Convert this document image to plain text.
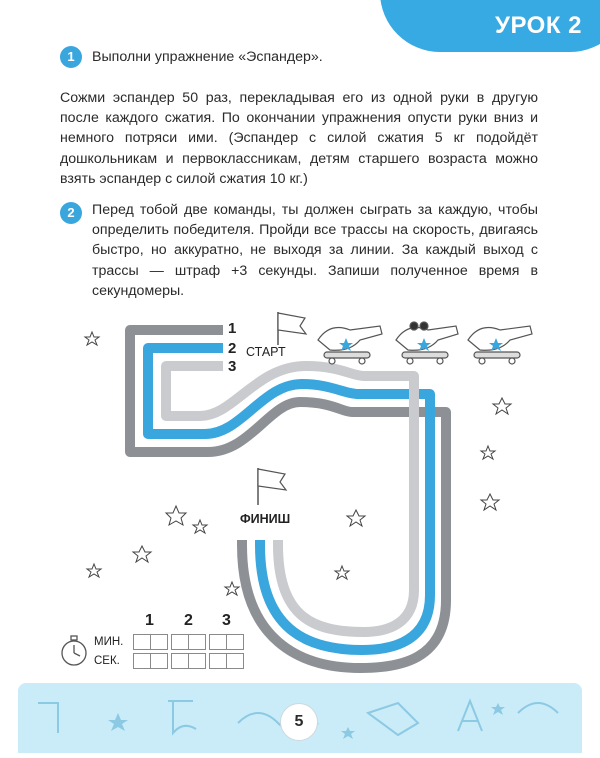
УРОК 2
1	Выполни упражнение «Эспандер».

Сожми эспандер 50 раз, перекладывая его из одной руки в другую после каждого сжатия. По окончании упражнения опусти руки вниз и немного потряси ими. (Эспандер с силой сжатия 5 кг подойдёт дошкольникам и первоклассникам, детям старшего возраста можно взять эспандер с силой сжатия 10 кг.)

2	Перед тобой две команды, ты должен сыграть за каждую, чтобы определить победителя. Пройди все трассы на скорость, двигаясь быстро, но аккуратно, не выходя за линии. За каждый выход с трассы — штраф +3 секунды. Запиши полученное время в секундомеры.

1
2
3
СТАРТ
ФИНИШ
1 2 3
МИН.
СЕК.
5
